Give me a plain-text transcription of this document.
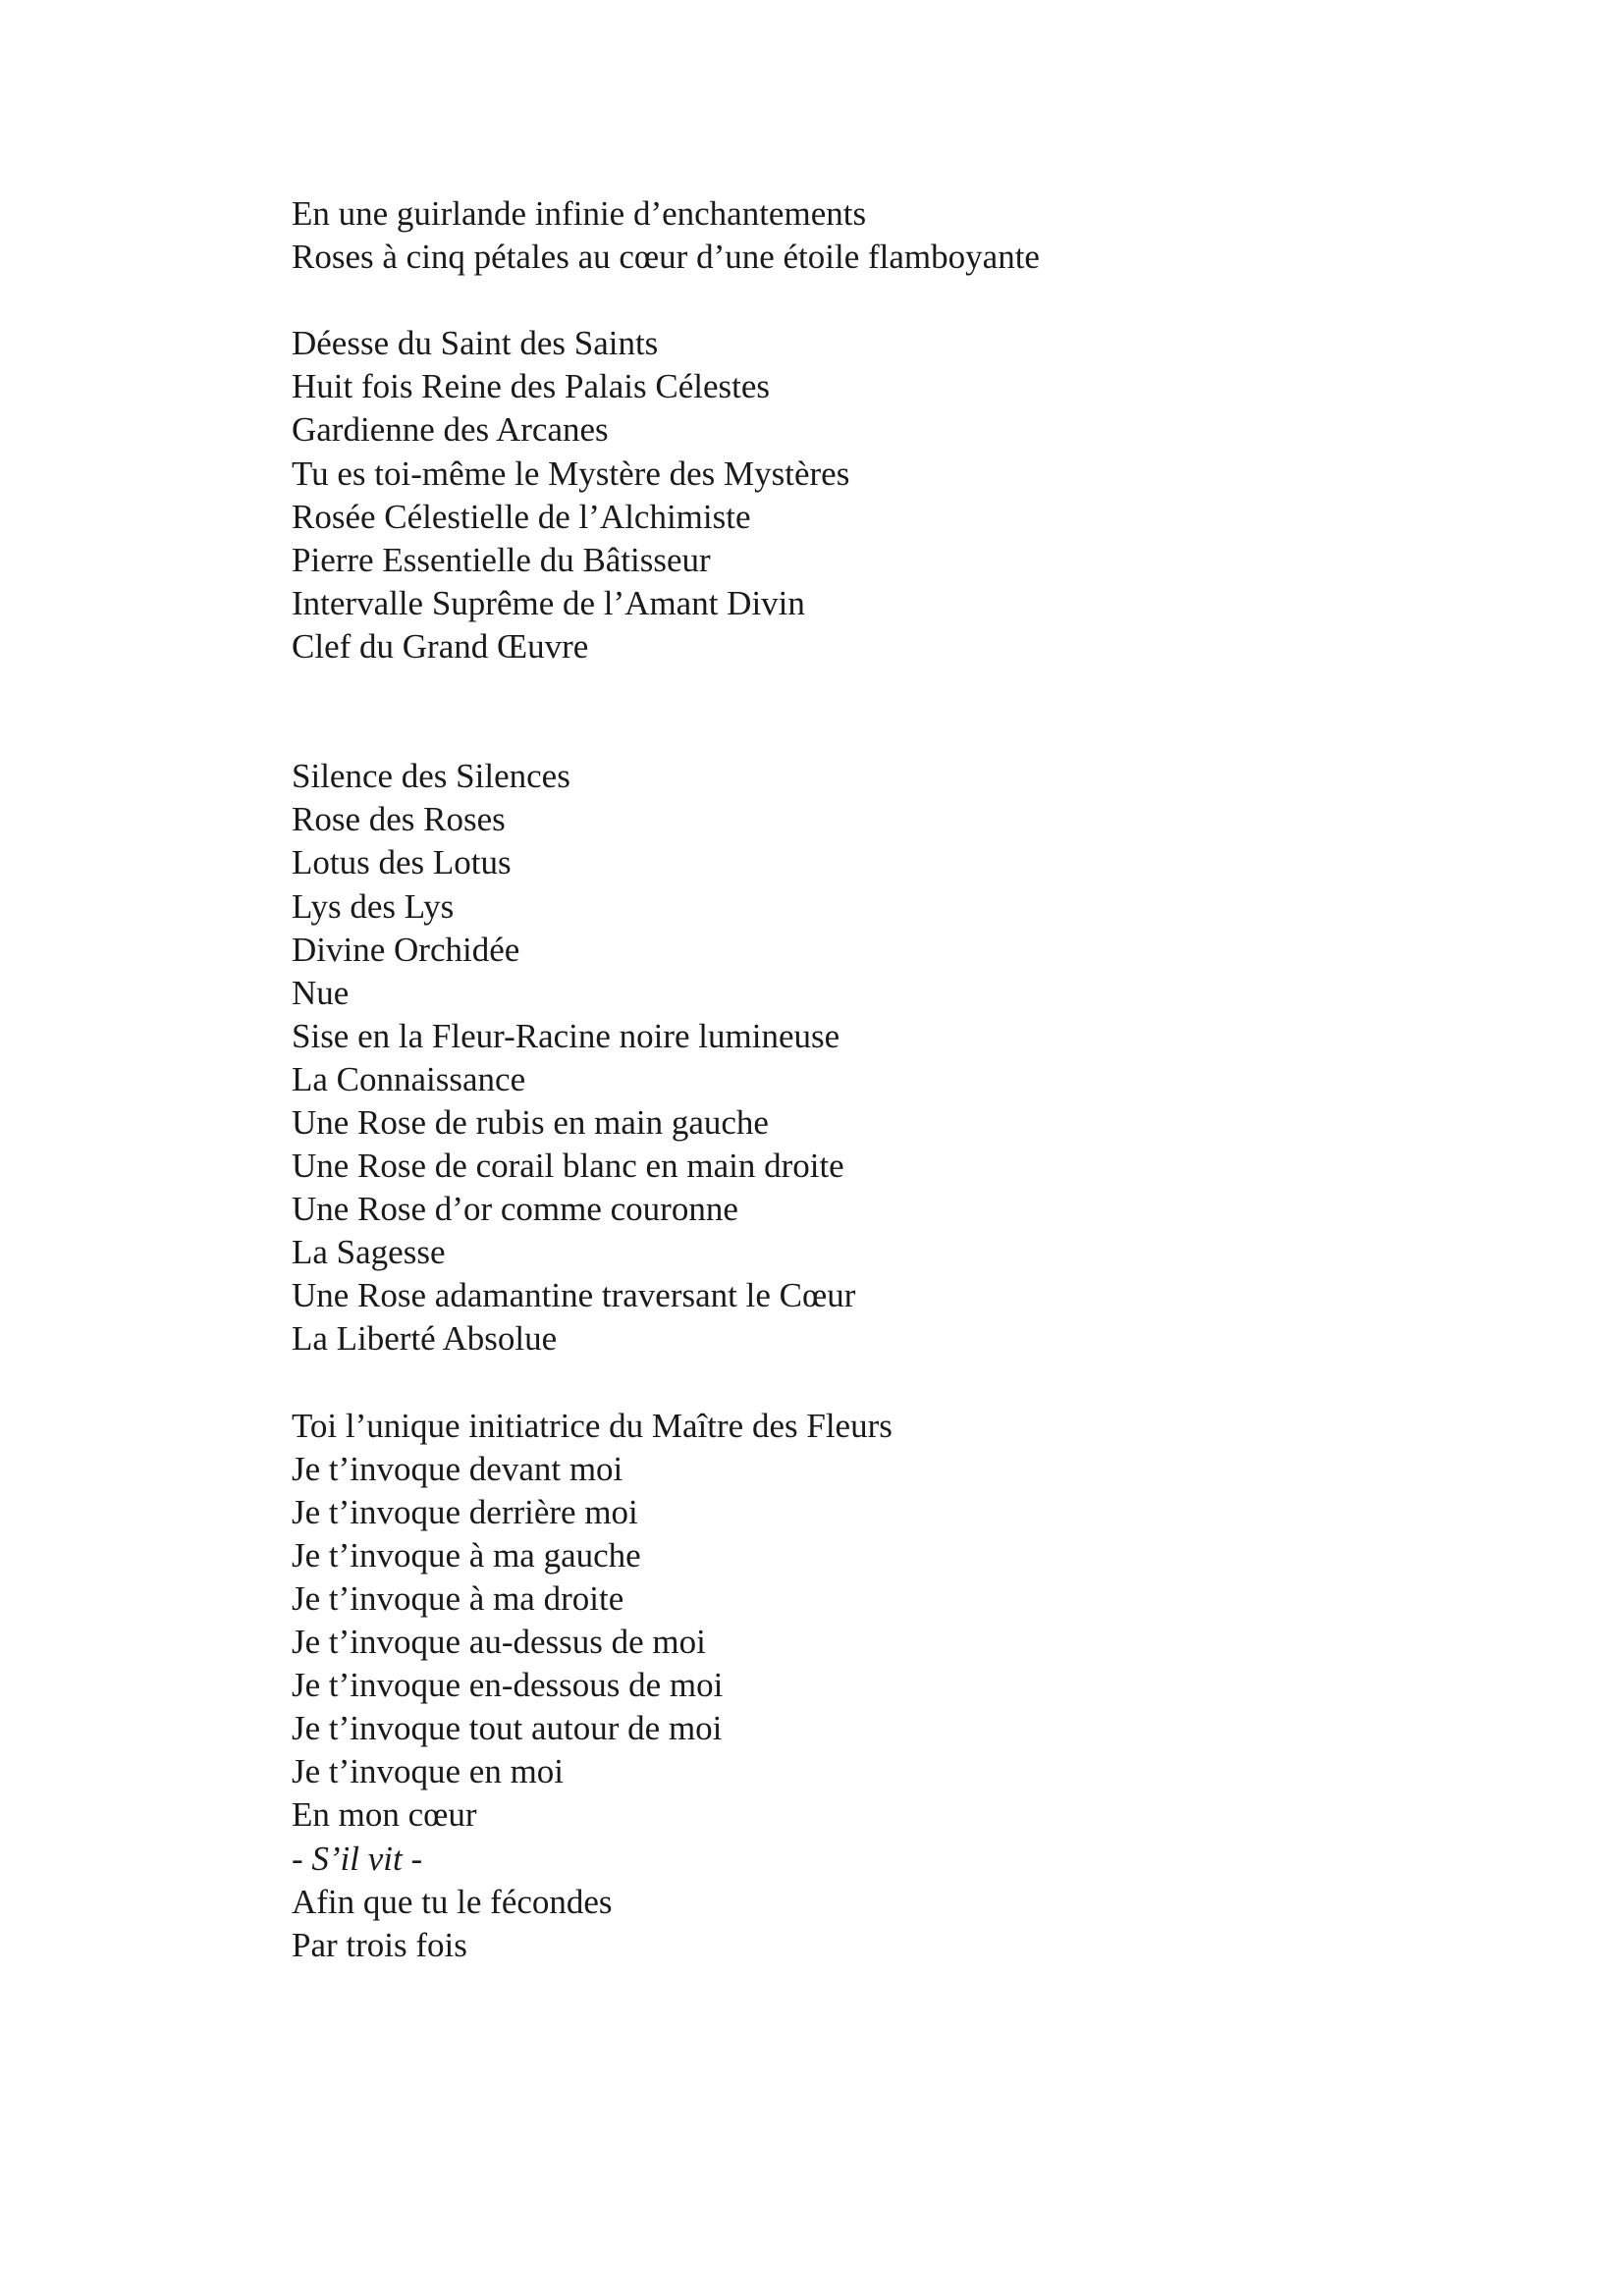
En une guirlande infinie d’enchantements
Roses à cinq pétales au cœur d’une étoile flamboyante
Déesse du Saint des Saints
Huit fois Reine des Palais Célestes
Gardienne des Arcanes
Tu es toi-même le Mystère des Mystères
Rosée Célestielle de l’Alchimiste
Pierre Essentielle du Bâtisseur
Intervalle Suprême de l’Amant Divin
Clef du Grand Œuvre
Silence des Silences
Rose des Roses
Lotus des Lotus
Lys des Lys
Divine Orchidée
Nue
Sise en la Fleur-Racine noire lumineuse
La Connaissance
Une Rose de rubis en main gauche
Une Rose de corail blanc en main droite
Une Rose d’or comme couronne
La Sagesse
Une Rose adamantine traversant le Cœur
La Liberté Absolue
Toi l’unique initiatrice du Maître des Fleurs
Je t’invoque devant moi
Je t’invoque derrière moi
Je t’invoque à ma gauche
Je t’invoque à ma droite
Je t’invoque au-dessus de moi
Je t’invoque en-dessous de moi
Je t’invoque tout autour de moi
Je t’invoque en moi
En mon cœur
- S’il vit -
Afin que tu le fécondes
Par trois fois
